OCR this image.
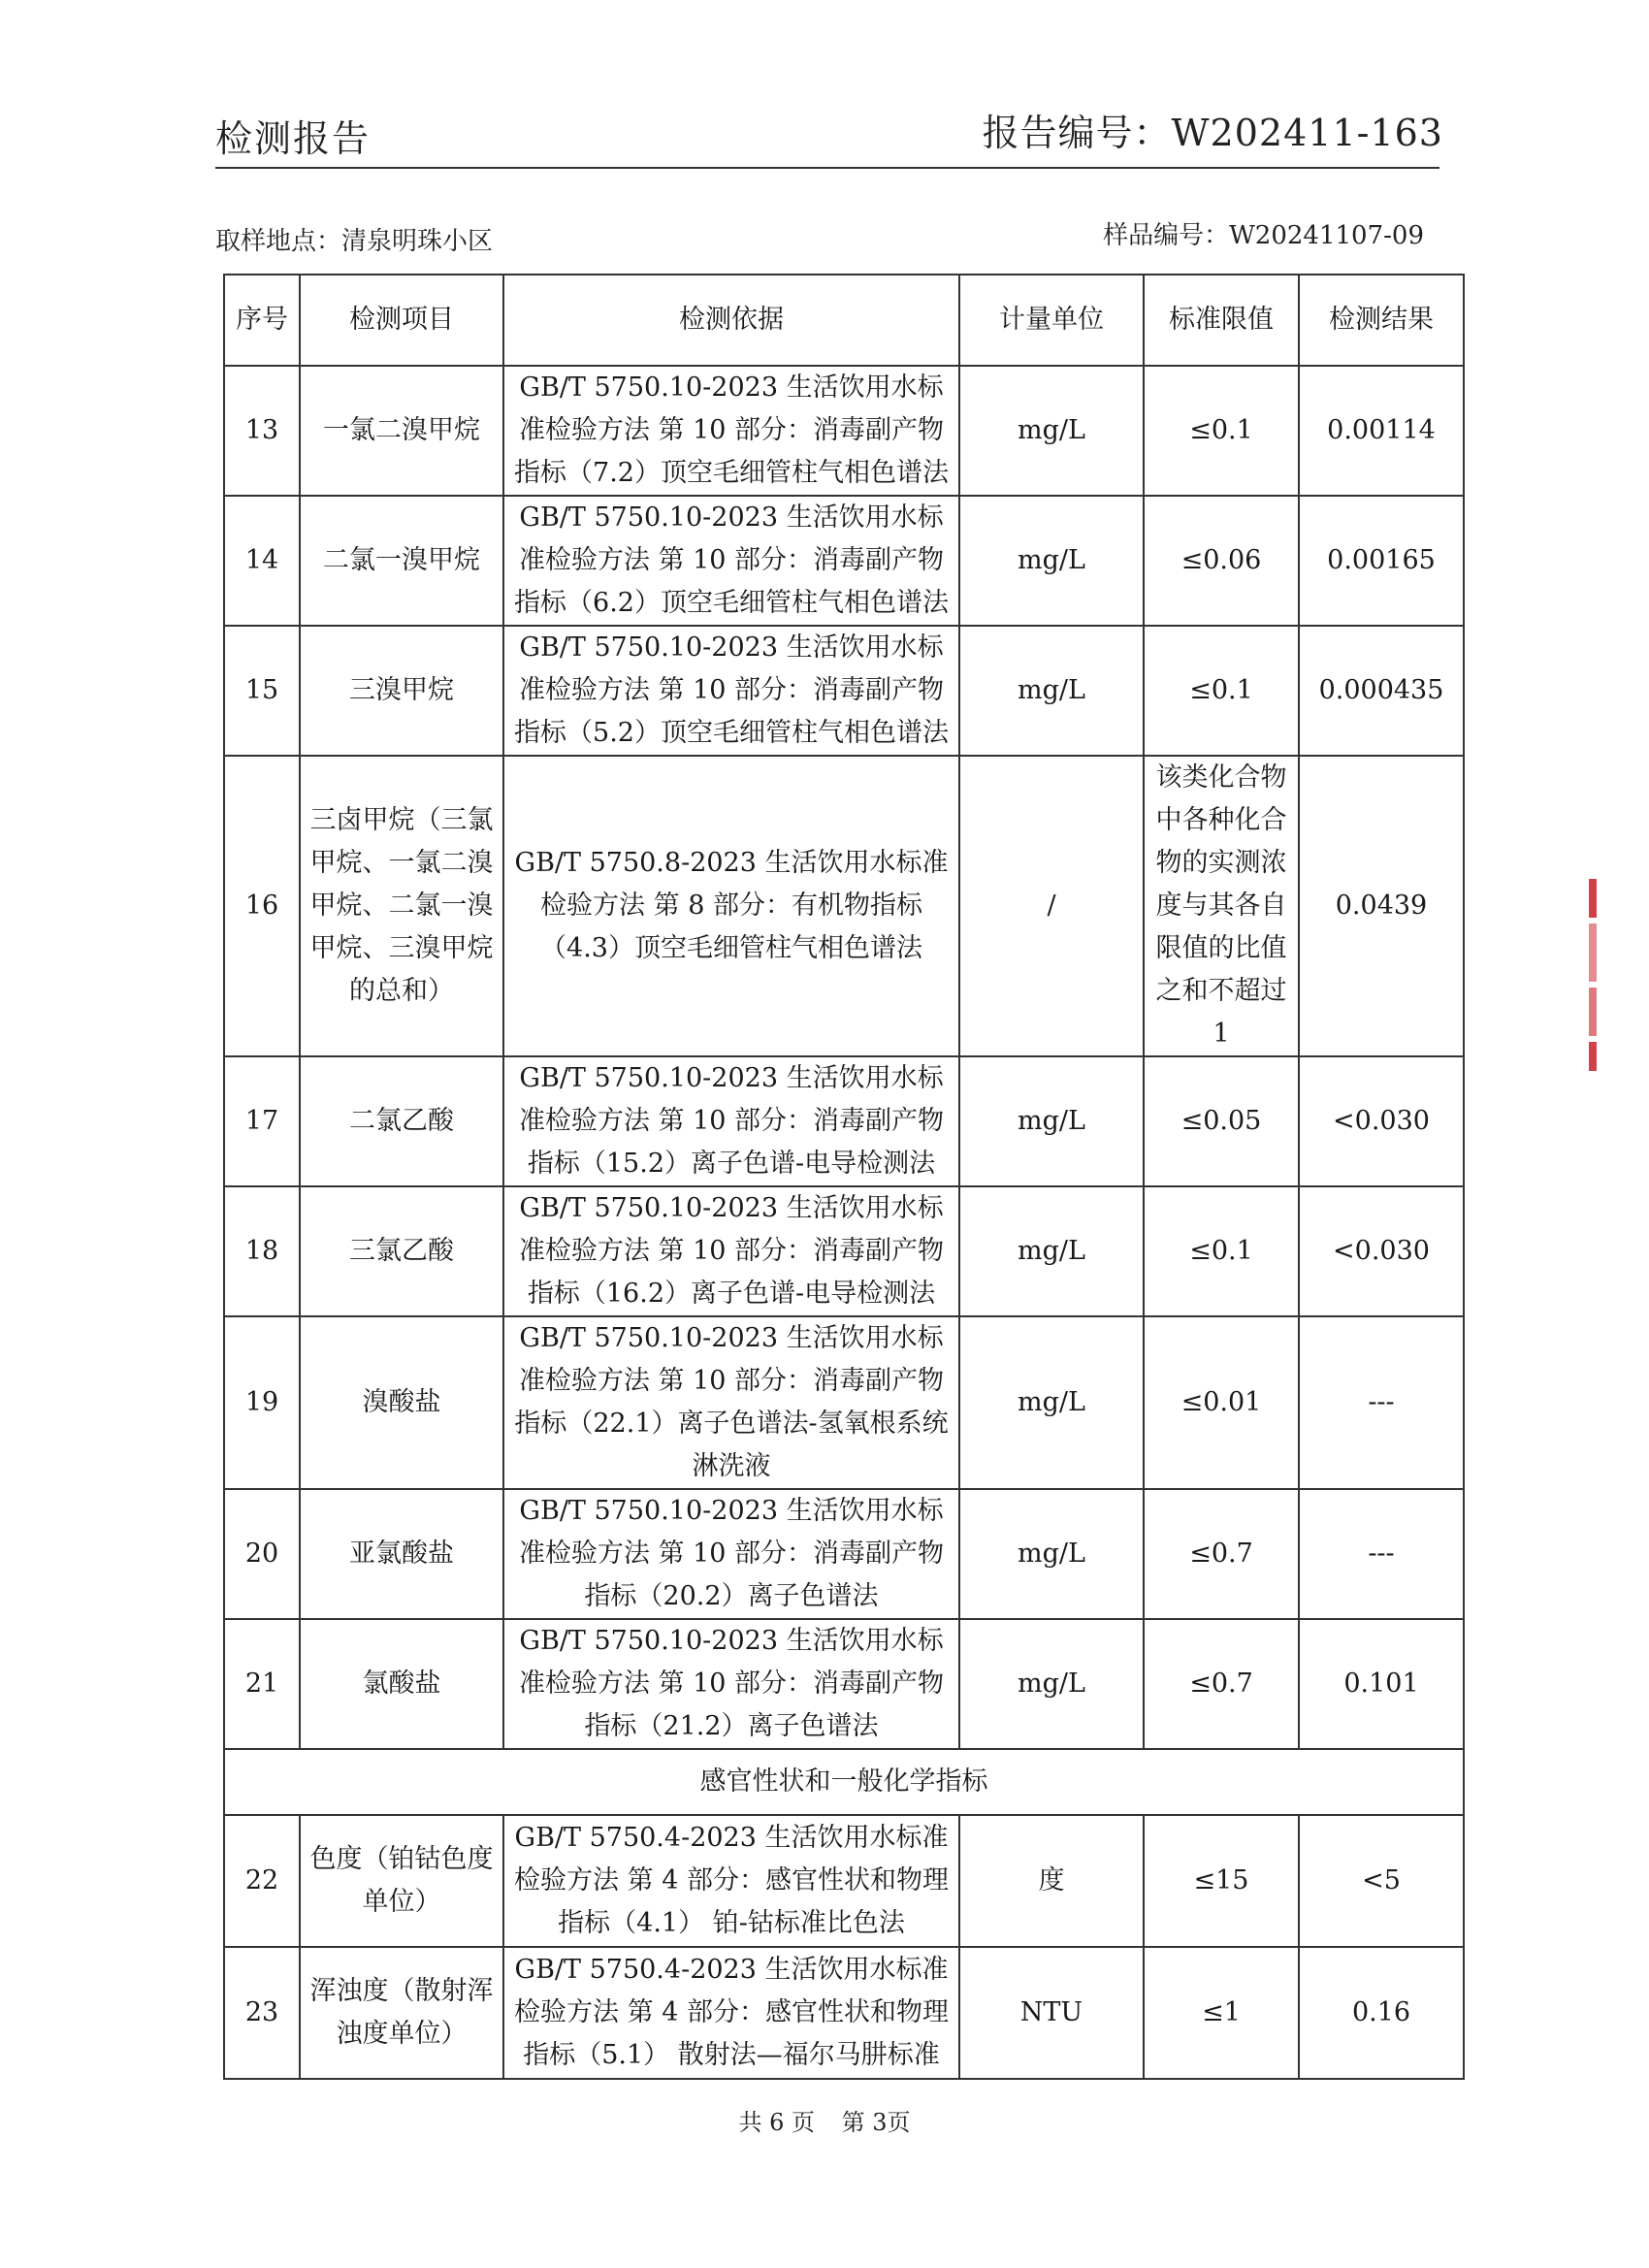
检测报告	报告编号：W202411-163
取样地点：清泉明珠小区	样品编号：W20241107-09
序号	检测项目	检测依据	计量单位	标准限值	检测结果
13	一氯二溴甲烷	GB/T 5750.10-2023 生活饮用水标准检验方法 第 10 部分：消毒副产物指标（7.2）顶空毛细管柱气相色谱法	mg/L	≤0.1	0.00114
14	二氯一溴甲烷	GB/T 5750.10-2023 生活饮用水标准检验方法 第 10 部分：消毒副产物指标（6.2）顶空毛细管柱气相色谱法	mg/L	≤0.06	0.00165
15	三溴甲烷	GB/T 5750.10-2023 生活饮用水标准检验方法 第 10 部分：消毒副产物指标（5.2）顶空毛细管柱气相色谱法	mg/L	≤0.1	0.000435
16	三卤甲烷（三氯甲烷、一氯二溴甲烷、二氯一溴甲烷、三溴甲烷的总和）	GB/T 5750.8-2023 生活饮用水标准检验方法 第 8 部分：有机物指标（4.3）顶空毛细管柱气相色谱法	/	该类化合物中各种化合物的实测浓度与其各自限值的比值之和不超过1	0.0439
17	二氯乙酸	GB/T 5750.10-2023 生活饮用水标准检验方法 第 10 部分：消毒副产物指标（15.2）离子色谱-电导检测法	mg/L	≤0.05	<0.030
18	三氯乙酸	GB/T 5750.10-2023 生活饮用水标准检验方法 第 10 部分：消毒副产物指标（16.2）离子色谱-电导检测法	mg/L	≤0.1	<0.030
19	溴酸盐	GB/T 5750.10-2023 生活饮用水标准检验方法 第 10 部分：消毒副产物指标（22.1）离子色谱法-氢氧根系统淋洗液	mg/L	≤0.01	---
20	亚氯酸盐	GB/T 5750.10-2023 生活饮用水标准检验方法 第 10 部分：消毒副产物指标（20.2）离子色谱法	mg/L	≤0.7	---
21	氯酸盐	GB/T 5750.10-2023 生活饮用水标准检验方法 第 10 部分：消毒副产物指标（21.2）离子色谱法	mg/L	≤0.7	0.101
感官性状和一般化学指标					
22	色度（铂钴色度单位）	GB/T 5750.4-2023 生活饮用水标准检验方法 第 4 部分：感官性状和物理指标（4.1） 铂-钴标准比色法	度	≤15	<5
23	浑浊度（散射浑浊度单位）	GB/T 5750.4-2023 生活饮用水标准检验方法 第 4 部分：感官性状和物理指标（5.1） 散射法—福尔马肼标准	NTU	≤1	0.16
共 6 页 第 3页
